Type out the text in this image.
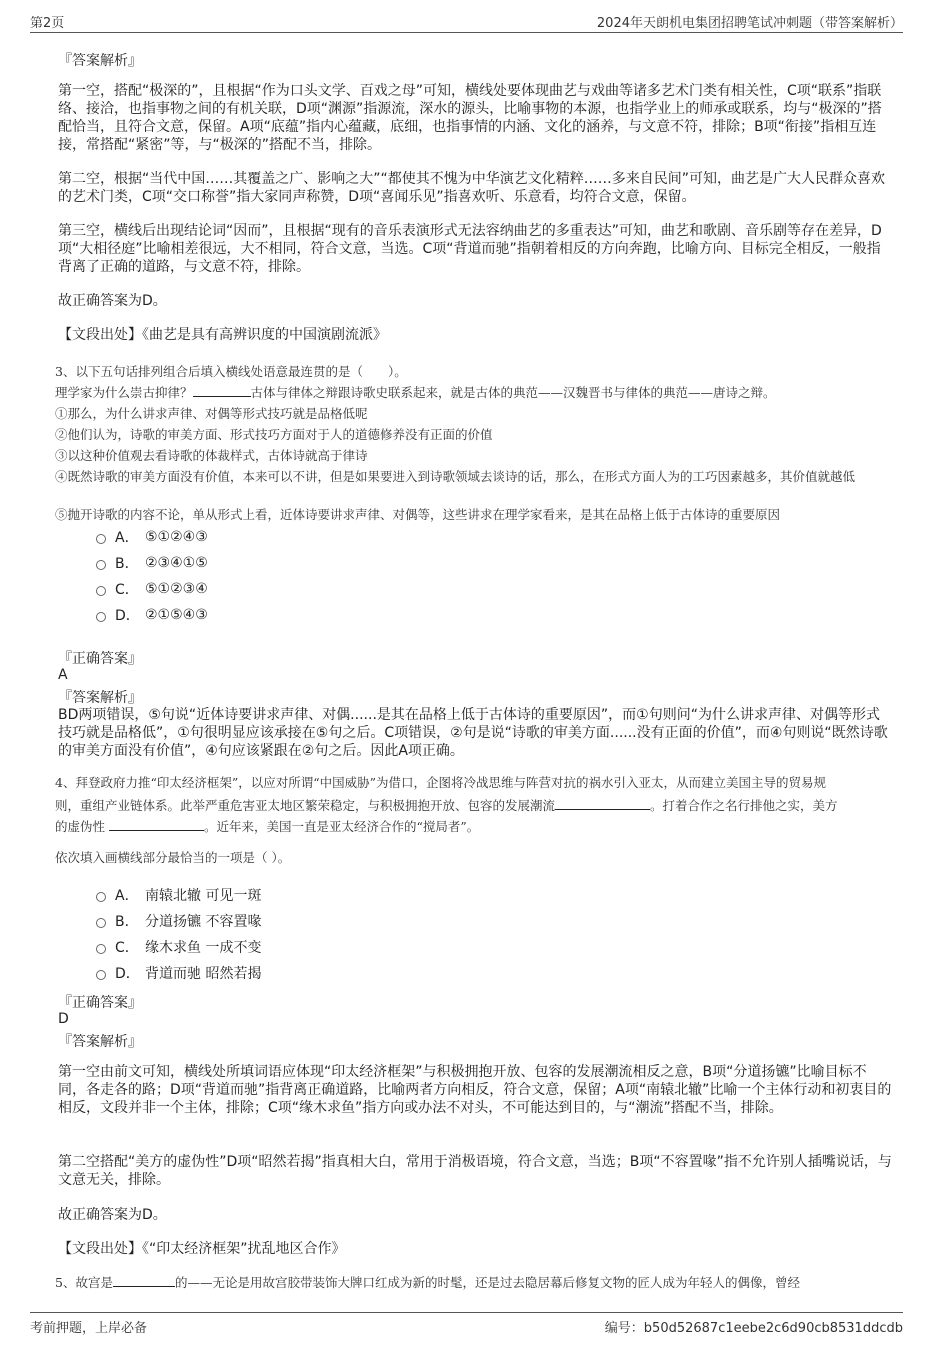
第2页	2024年天朗机电集团招聘笔试冲刺题（带答案解析）
『答案解析』
第一空，搭配“极深的”，且根据“作为口头文学、百戏之母”可知，横线处要体现曲艺与戏曲等诸多艺术门类有相关性，C项“联系”指联络、接洽，也指事物之间的有机关联，D项“渊源”指源流，深水的源头，比喻事物的本源，也指学业上的师承或联系，均与“极深的”搭配恰当，且符合文意，保留。A项“底蕴”指内心蕴藏，底细，也指事情的内涵、文化的涵养，与文意不符，排除；B项“衔接”指相互连接，常搭配“紧密”等，与“极深的”搭配不当，排除。
第二空，根据“当代中国……其覆盖之广、影响之大”“都使其不愧为中华演艺文化精粹……多来自民间”可知，曲艺是广大人民群众喜欢的艺术门类，C项“交口称誉”指大家同声称赞，D项“喜闻乐见”指喜欢听、乐意看，均符合文意，保留。
第三空，横线后出现结论词“因而”，且根据“现有的音乐表演形式无法容纳曲艺的多重表达”可知，曲艺和歌剧、音乐剧等存在差异，D项“大相径庭”比喻相差很远，大不相同，符合文意，当选。C项“背道而驰”指朝着相反的方向奔跑，比喻方向、目标完全相反，一般指背离了正确的道路，与文意不符，排除。
故正确答案为D。
【文段出处】《曲艺是具有高辨识度的中国演剧流派》
3、以下五句话排列组合后填入横线处语意最连贯的是（　　）。
理学家为什么崇古抑律？	古体与律体之辩跟诗歌史联系起来，就是古体的典范——汉魏晋书与律体的典范——唐诗之辩。
①那么，为什么讲求声律、对偶等形式技巧就是品格低呢
②他们认为，诗歌的审美方面、形式技巧方面对于人的道德修养没有正面的价值
③以这种价值观去看诗歌的体裁样式，古体诗就高于律诗
④既然诗歌的审美方面没有价值，本来可以不讲，但是如果要进入到诗歌领域去谈诗的话，那么，在形式方面人为的工巧因素越多，其价值就越低
⑤抛开诗歌的内容不论，单从形式上看，近体诗要讲求声律、对偶等，这些讲求在理学家看来，是其在品格上低于古体诗的重要原因
A． ⑤①②④③
B． ②③④①⑤
C． ⑤①②③④
D． ②①⑤④③
『正确答案』
A
『答案解析』
BD两项错误，⑤句说“近体诗要讲求声律、对偶......是其在品格上低于古体诗的重要原因”，而①句则问“为什么讲求声律、对偶等形式技巧就是品格低”，①句很明显应该承接在⑤句之后。C项错误，②句是说“诗歌的审美方面......没有正面的价值”，而④句则说“既然诗歌的审美方面没有价值”，④句应该紧跟在②句之后。因此A项正确。
4、拜登政府力推“印太经济框架”，以应对所谓“中国威胁”为借口，企图将冷战思维与阵营对抗的祸水引入亚太，从而建立美国主导的贸易规
则，重组产业链体系。此举严重危害亚太地区繁荣稳定，与积极拥抱开放、包容的发展潮流	。打着合作之名行排他之实，美方
的虚伪性	。近年来，美国一直是亚太经济合作的“搅局者”。
依次填入画横线部分最恰当的一项是（ ）。
A． 南辕北辙 可见一斑
B． 分道扬镳 不容置喙
C． 缘木求鱼 一成不变
D． 背道而驰 昭然若揭
『正确答案』
D
『答案解析』
第一空由前文可知，横线处所填词语应体现“印太经济框架”与积极拥抱开放、包容的发展潮流相反之意，B项“分道扬镳”比喻目标不同，各走各的路；D项“背道而驰”指背离正确道路，比喻两者方向相反，符合文意，保留；A项“南辕北辙”比喻一个主体行动和初衷目的相反，文段并非一个主体，排除；C项“缘木求鱼”指方向或办法不对头，不可能达到目的，与“潮流”搭配不当，排除。
第二空搭配“美方的虚伪性”D项“昭然若揭”指真相大白，常用于消极语境，符合文意，当选；B项“不容置喙”指不允许别人插嘴说话，与文意无关，排除。
故正确答案为D。
【文段出处】《“印太经济框架”扰乱地区合作》
5、故宫是	的——无论是用故宫胶带装饰大牌口红成为新的时髦，还是过去隐居幕后修复文物的匠人成为年轻人的偶像，曾经
考前押题，上岸必备	编号：b50d52687c1eebe2c6d90cb8531ddcdb
